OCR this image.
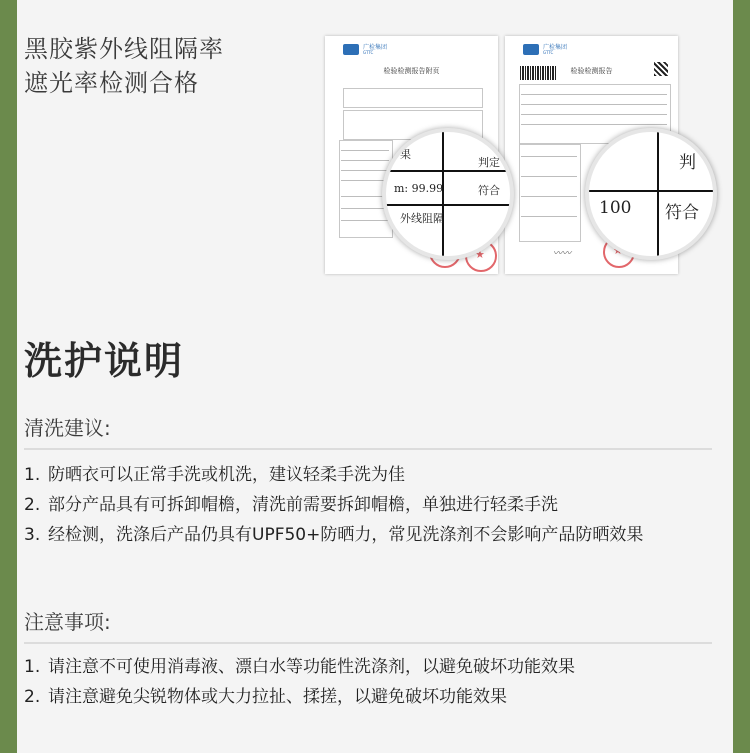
黑胶紫外线阻隔率
遮光率检测合格
广检集团
GTTC
检验检测报告附页
★
★
广检集团
GTTC
检验检测报告
〰〰
★
果
判定
m: 99.99	符合
外线阻隔
判
100 符合
洗护说明
清洗建议:
1. 防晒衣可以正常手洗或机洗，建议轻柔手洗为佳
2. 部分产品具有可拆卸帽檐，清洗前需要拆卸帽檐，单独进行轻柔手洗
3. 经检测，洗涤后产品仍具有UPF50+防晒力，常见洗涤剂不会影响产品防晒效果
注意事项:
1. 请注意不可使用消毒液、漂白水等功能性洗涤剂，以避免破坏功能效果
2. 请注意避免尖锐物体或大力拉扯、揉搓，以避免破坏功能效果
